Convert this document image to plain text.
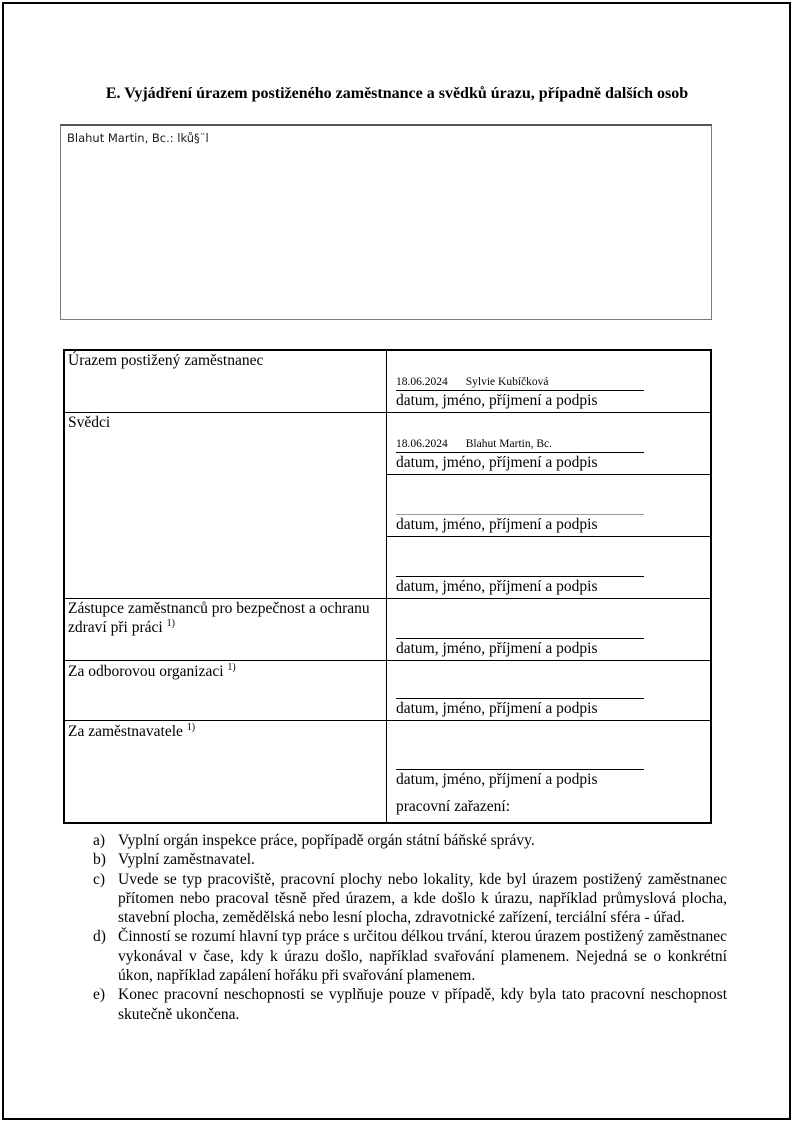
E. Vyjádření úrazem postiženého zaměstnance a svědků úrazu, případně dalších osob
Blahut Martin, Bc.: lků§¨l
Úrazem postižený zaměstnanec
18.06.2024 Sylvie Kubíčková
datum, jméno, příjmení a podpis
Svědci
18.06.2024 Blahut Martin, Bc.
datum, jméno, příjmení a podpis
datum, jméno, příjmení a podpis
datum, jméno, příjmení a podpis
Zástupce zaměstnanců pro bezpečnost a ochranu zdraví při práci $^{1)}$
datum, jméno, příjmení a podpis
Za odborovou organizaci $^{1)}$
datum, jméno, příjmení a podpis
Za zaměstnavatele $^{1)}$
datum, jméno, příjmení a podpis
pracovní zařazení:
a) Vyplní orgán inspekce práce, popřípadě orgán státní báňské správy.
b) Vyplní zaměstnavatel.
c) Uvede se typ pracoviště, pracovní plochy nebo lokality, kde byl úrazem postižený zaměstnanec přítomen nebo pracoval těsně před úrazem, a kde došlo k úrazu, například průmyslová plocha, stavební plocha, zemědělská nebo lesní plocha, zdravotnické zařízení, terciální sféra - úřad.
d) Činností se rozumí hlavní typ práce s určitou délkou trvání, kterou úrazem postižený zaměstnanec vykonával v čase, kdy k úrazu došlo, například svařování plamenem. Nejedná se o konkrétní úkon, například zapálení hořáku při svařování plamenem.
e) Konec pracovní neschopnosti se vyplňuje pouze v případě, kdy byla tato pracovní neschopnost skutečně ukončena.
